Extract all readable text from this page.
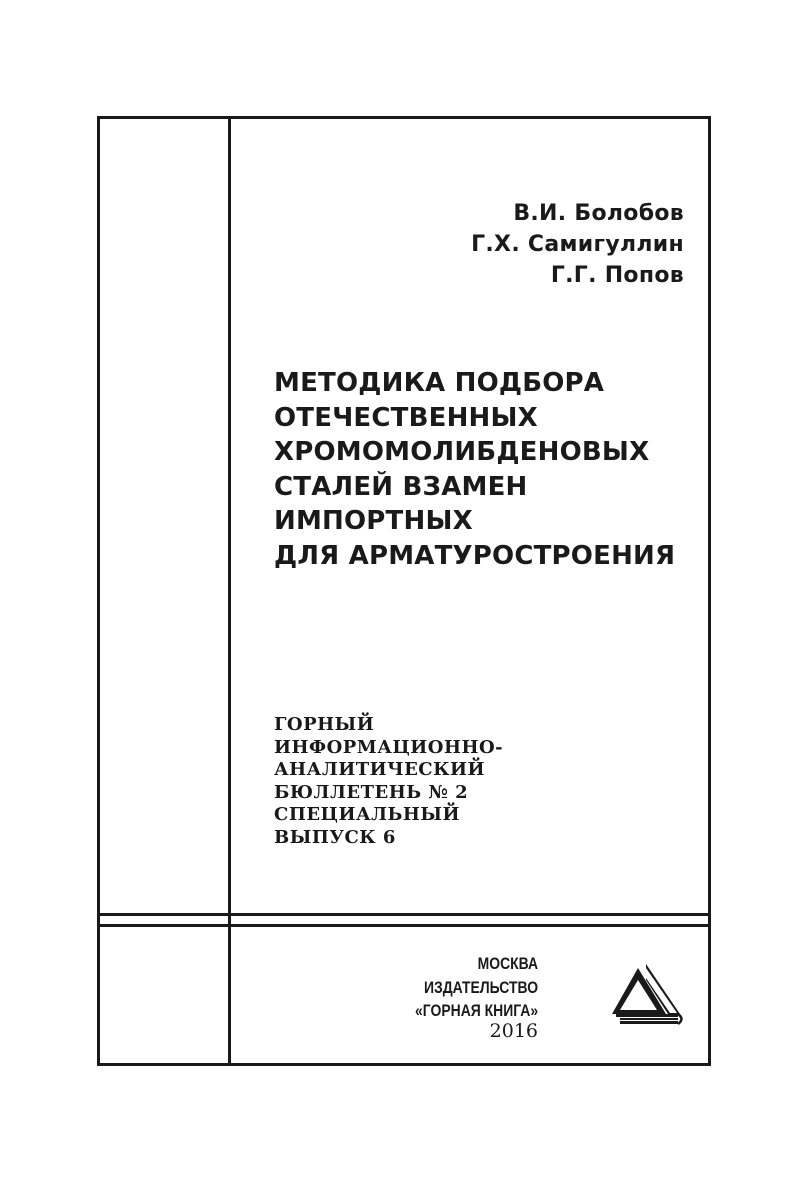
В.И. Болобов
Г.Х. Самигуллин
Г.Г. Попов
МЕТОДИКА ПОДБОРА
ОТЕЧЕСТВЕННЫХ
ХРОМОМОЛИБДЕНОВЫХ
СТАЛЕЙ ВЗАМЕН
ИМПОРТНЫХ
ДЛЯ АРМАТУРОСТРОЕНИЯ
ГОРНЫЙ
ИНФОРМАЦИОННО-
АНАЛИТИЧЕСКИЙ
БЮЛЛЕТЕНЬ № 2
СПЕЦИАЛЬНЫЙ
ВЫПУСК 6
МОСКВА
ИЗДАТЕЛЬСТВО
«ГОРНАЯ КНИГА»
2016
